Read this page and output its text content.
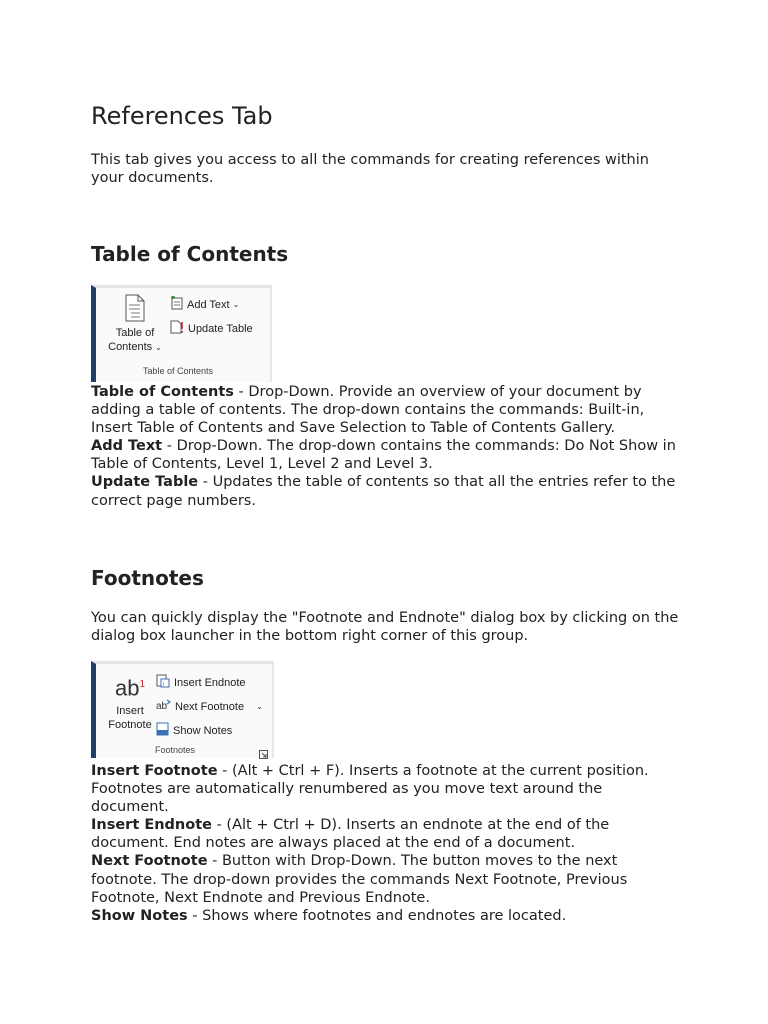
References Tab

This tab gives you access to all the commands for creating references within your documents.

Table of Contents
Table of
Contents ⌄
Add Text ⌄
Update Table
Table of Contents
Table of Contents - Drop-Down. Provide an overview of your document by adding a table of contents. The drop-down contains the commands: Built-in, Insert Table of Contents and Save Selection to Table of Contents Gallery.
Add Text - Drop-Down. The drop-down contains the commands: Do Not Show in Table of Contents, Level 1, Level 2 and Level 3.
Update Table - Updates the table of contents so that all the entries refer to the correct page numbers.
Footnotes

You can quickly display the "Footnote and Endnote" dialog box by clicking on the dialog box launcher in the bottom right corner of this group.

$ab^1$
Insert
Footnote
i Insert Endnote
ab Next Footnote ⌄
Show Notes
Footnotes
Insert Footnote - (Alt + Ctrl + F). Inserts a footnote at the current position. Footnotes are automatically renumbered as you move text around the document.
Insert Endnote - (Alt + Ctrl + D). Inserts an endnote at the end of the document. End notes are always placed at the end of a document.
Next Footnote - Button with Drop-Down. The button moves to the next footnote. The drop-down provides the commands Next Footnote, Previous Footnote, Next Endnote and Previous Endnote.
Show Notes - Shows where footnotes and endnotes are located.
